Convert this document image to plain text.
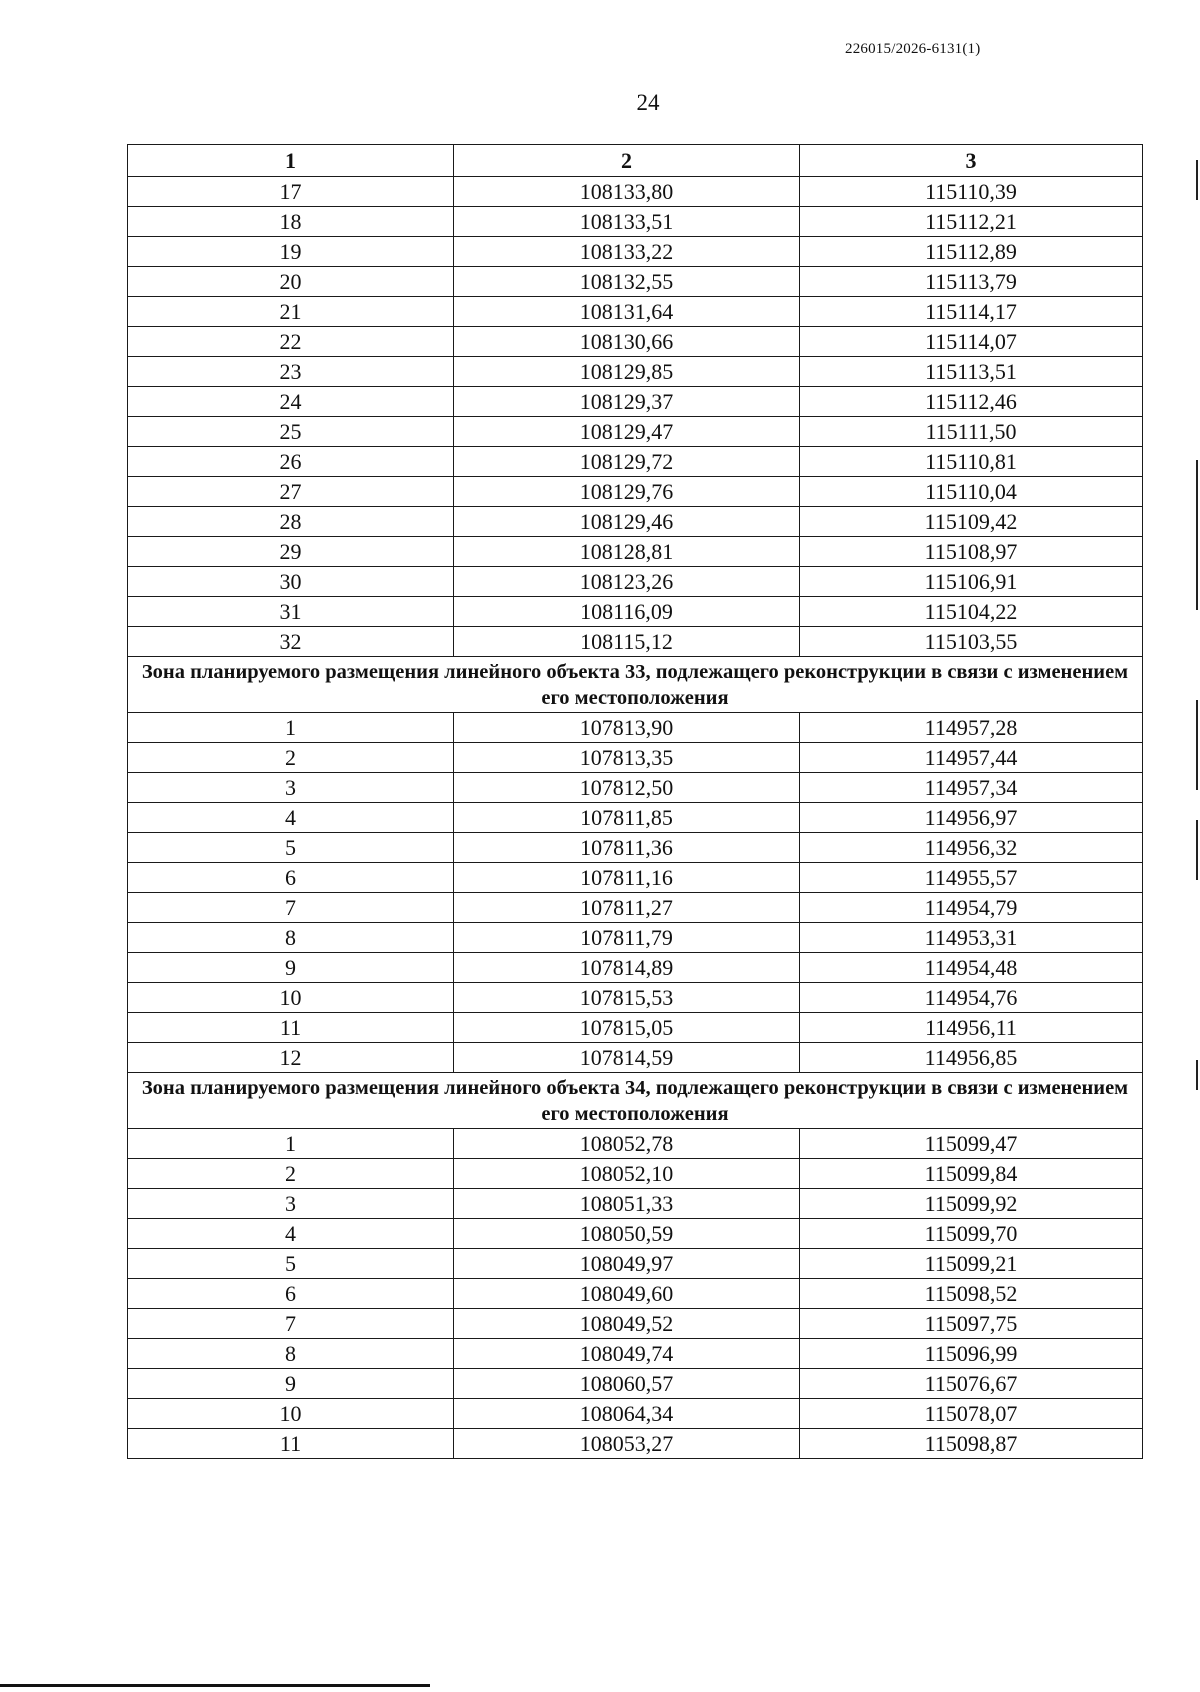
226015/2026-6131(1)
24
1	2	3
17	108133,80	115110,39
18	108133,51	115112,21
19	108133,22	115112,89
20	108132,55	115113,79
21	108131,64	115114,17
22	108130,66	115114,07
23	108129,85	115113,51
24	108129,37	115112,46
25	108129,47	115111,50
26	108129,72	115110,81
27	108129,76	115110,04
28	108129,46	115109,42
29	108128,81	115108,97
30	108123,26	115106,91
31	108116,09	115104,22
32	108115,12	115103,55
Зона планируемого размещения линейного объекта 33, подлежащего реконструкции в связи с изменением его местоположения		
1	107813,90	114957,28
2	107813,35	114957,44
3	107812,50	114957,34
4	107811,85	114956,97
5	107811,36	114956,32
6	107811,16	114955,57
7	107811,27	114954,79
8	107811,79	114953,31
9	107814,89	114954,48
10	107815,53	114954,76
11	107815,05	114956,11
12	107814,59	114956,85
Зона планируемого размещения линейного объекта 34, подлежащего реконструкции в связи с изменением его местоположения		
1	108052,78	115099,47
2	108052,10	115099,84
3	108051,33	115099,92
4	108050,59	115099,70
5	108049,97	115099,21
6	108049,60	115098,52
7	108049,52	115097,75
8	108049,74	115096,99
9	108060,57	115076,67
10	108064,34	115078,07
11	108053,27	115098,87
